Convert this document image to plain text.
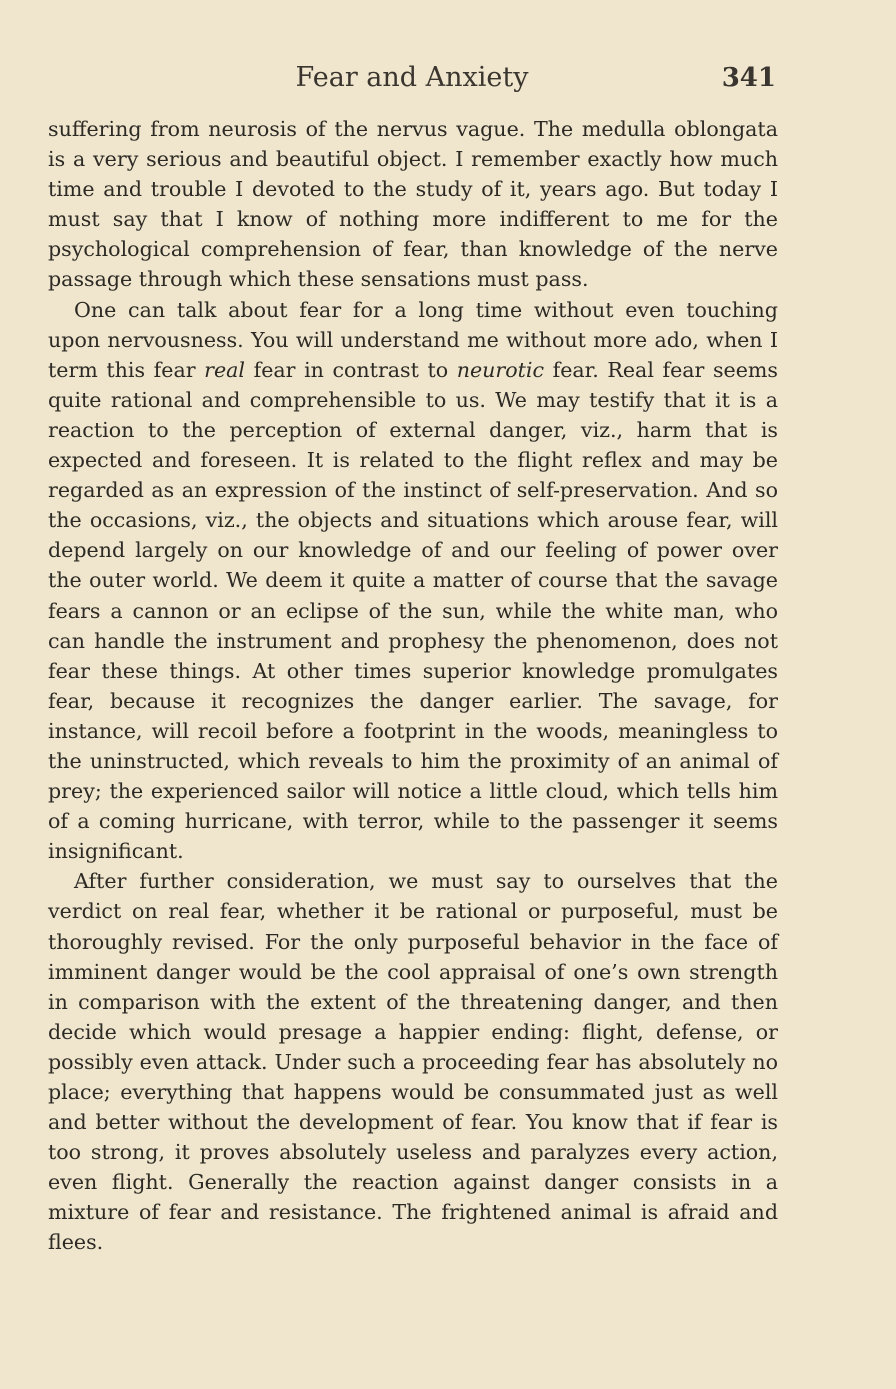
Fear and Anxiety	341

suffering from neurosis of the nervus vague. The medulla oblongata is a very serious and beautiful object. I remember exactly how much time and trouble I devoted to the study of it, years ago. But today I must say that I know of nothing more indifferent to me for the psychological comprehension of fear, than knowledge of the nerve passage through which these sensations must pass.

One can talk about fear for a long time without even touching upon nervousness. You will understand me without more ado, when I term this fear real fear in contrast to neurotic fear. Real fear seems quite rational and comprehensible to us. We may testify that it is a reaction to the perception of external danger, viz., harm that is expected and foreseen. It is related to the flight reflex and may be regarded as an expression of the instinct of self-preservation. And so the occasions, viz., the objects and situations which arouse fear, will depend largely on our knowledge of and our feeling of power over the outer world. We deem it quite a matter of course that the savage fears a cannon or an eclipse of the sun, while the white man, who can handle the instrument and prophesy the phenomenon, does not fear these things. At other times superior knowledge promulgates fear, because it recognizes the danger earlier. The savage, for instance, will recoil before a footprint in the woods, meaningless to the uninstructed, which reveals to him the proximity of an animal of prey; the experienced sailor will notice a little cloud, which tells him of a coming hurricane, with terror, while to the passenger it seems insignificant.

After further consideration, we must say to ourselves that the verdict on real fear, whether it be rational or purposeful, must be thoroughly revised. For the only purposeful behavior in the face of imminent danger would be the cool appraisal of one’s own strength in comparison with the extent of the threatening danger, and then decide which would presage a happier ending: flight, defense, or possibly even attack. Under such a proceeding fear has absolutely no place; everything that happens would be consummated just as well and better without the development of fear. You know that if fear is too strong, it proves absolutely useless and paralyzes every action, even flight. Generally the reaction against danger consists in a mixture of fear and resistance. The frightened animal is afraid and flees.
